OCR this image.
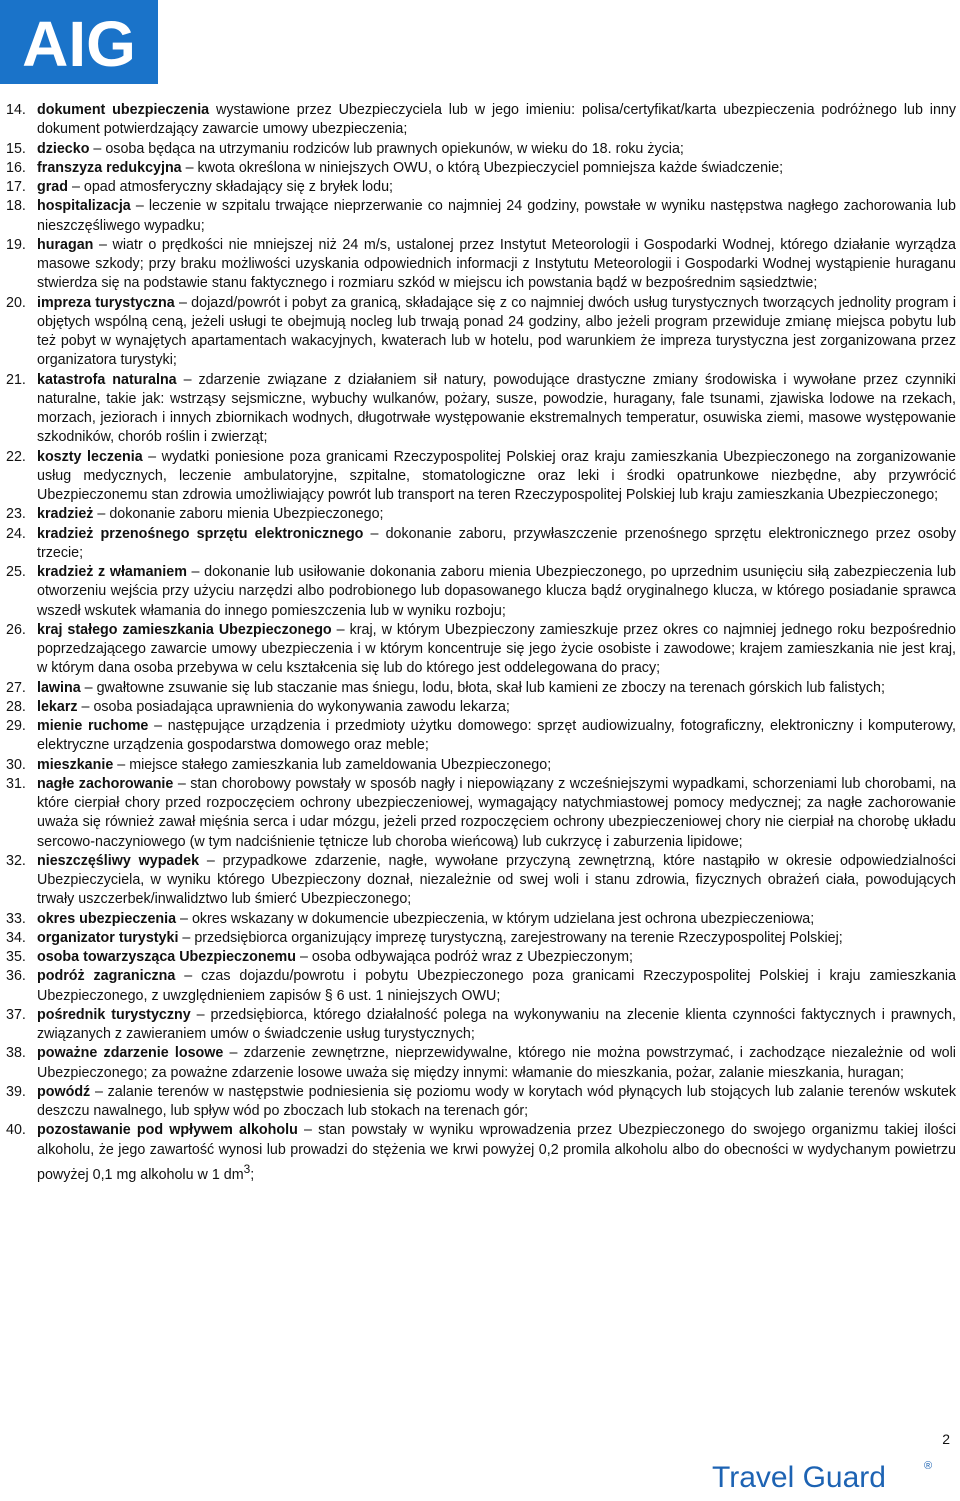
AIG
14. dokument ubezpieczenia wystawione przez Ubezpieczyciela lub w jego imieniu: polisa/certyfikat/karta ubezpieczenia podróżnego lub inny dokument potwierdzający zawarcie umowy ubezpieczenia;
15. dziecko – osoba będąca na utrzymaniu rodziców lub prawnych opiekunów, w wieku do 18. roku życia;
16. franszyza redukcyjna – kwota określona w niniejszych OWU, o którą Ubezpieczyciel pomniejsza każde świadczenie;
17. grad – opad atmosferyczny składający się z bryłek lodu;
18. hospitalizacja – leczenie w szpitalu trwające nieprzerwanie co najmniej 24 godziny, powstałe w wyniku następstwa nagłego zachorowania lub nieszczęśliwego wypadku;
19. huragan – wiatr o prędkości nie mniejszej niż 24 m/s, ustalonej przez Instytut Meteorologii i Gospodarki Wodnej, którego działanie wyrządza masowe szkody; przy braku możliwości uzyskania odpowiednich informacji z Instytutu Meteorologii i Gospodarki Wodnej wystąpienie huraganu stwierdza się na podstawie stanu faktycznego i rozmiaru szkód w miejscu ich powstania bądź w bezpośrednim sąsiedztwie;
20. impreza turystyczna – dojazd/powrót i pobyt za granicą, składające się z co najmniej dwóch usług turystycznych tworzących jednolity program i objętych wspólną ceną, jeżeli usługi te obejmują nocleg lub trwają ponad 24 godziny, albo jeżeli program przewiduje zmianę miejsca pobytu lub też pobyt w wynajętych apartamentach wakacyjnych, kwaterach lub w hotelu, pod warunkiem że impreza turystyczna jest zorganizowana przez organizatora turystyki;
21. katastrofa naturalna – zdarzenie związane z działaniem sił natury, powodujące drastyczne zmiany środowiska i wywołane przez czynniki naturalne, takie jak: wstrząsy sejsmiczne, wybuchy wulkanów, pożary, susze, powodzie, huragany, fale tsunami, zjawiska lodowe na rzekach, morzach, jeziorach i innych zbiornikach wodnych, długotrwałe występowanie ekstremalnych temperatur, osuwiska ziemi, masowe występowanie szkodników, chorób roślin i zwierząt;
22. koszty leczenia – wydatki poniesione poza granicami Rzeczypospolitej Polskiej oraz kraju zamieszkania Ubezpieczonego na zorganizowanie usług medycznych, leczenie ambulatoryjne, szpitalne, stomatologiczne oraz leki i środki opatrunkowe niezbędne, aby przywrócić Ubezpieczonemu stan zdrowia umożliwiający powrót lub transport na teren Rzeczypospolitej Polskiej lub kraju zamieszkania Ubezpieczonego;
23. kradzież – dokonanie zaboru mienia Ubezpieczonego;
24. kradzież przenośnego sprzętu elektronicznego – dokonanie zaboru, przywłaszczenie przenośnego sprzętu elektronicznego przez osoby trzecie;
25. kradzież z włamaniem – dokonanie lub usiłowanie dokonania zaboru mienia Ubezpieczonego, po uprzednim usunięciu siłą zabezpieczenia lub otworzeniu wejścia przy użyciu narzędzi albo podrobionego lub dopasowanego klucza bądź oryginalnego klucza, w którego posiadanie sprawca wszedł wskutek włamania do innego pomieszczenia lub w wyniku rozboju;
26. kraj stałego zamieszkania Ubezpieczonego – kraj, w którym Ubezpieczony zamieszkuje przez okres co najmniej jednego roku bezpośrednio poprzedzającego zawarcie umowy ubezpieczenia i w którym koncentruje się jego życie osobiste i zawodowe; krajem zamieszkania nie jest kraj, w którym dana osoba przebywa w celu kształcenia się lub do którego jest oddelegowana do pracy;
27. lawina – gwałtowne zsuwanie się lub staczanie mas śniegu, lodu, błota, skał lub kamieni ze zboczy na terenach górskich lub falistych;
28. lekarz – osoba posiadająca uprawnienia do wykonywania zawodu lekarza;
29. mienie ruchome – następujące urządzenia i przedmioty użytku domowego: sprzęt audiowizualny, fotograficzny, elektroniczny i komputerowy, elektryczne urządzenia gospodarstwa domowego oraz meble;
30. mieszkanie – miejsce stałego zamieszkania lub zameldowania Ubezpieczonego;
31. nagłe zachorowanie – stan chorobowy powstały w sposób nagły i niepowiązany z wcześniejszymi wypadkami, schorzeniami lub chorobami, na które cierpiał chory przed rozpoczęciem ochrony ubezpieczeniowej, wymagający natychmiastowej pomocy medycznej; za nagłe zachorowanie uważa się również zawał mięśnia serca i udar mózgu, jeżeli przed rozpoczęciem ochrony ubezpieczeniowej chory nie cierpiał na chorobę układu sercowo-naczyniowego (w tym nadciśnienie tętnicze lub choroba wieńcową) lub cukrzycę i zaburzenia lipidowe;
32. nieszczęśliwy wypadek – przypadkowe zdarzenie, nagłe, wywołane przyczyną zewnętrzną, które nastąpiło w okresie odpowiedzialności Ubezpieczyciela, w wyniku którego Ubezpieczony doznał, niezależnie od swej woli i stanu zdrowia, fizycznych obrażeń ciała, powodujących trwały uszczerbek/inwalidztwo lub śmierć Ubezpieczonego;
33. okres ubezpieczenia – okres wskazany w dokumencie ubezpieczenia, w którym udzielana jest ochrona ubezpieczeniowa;
34. organizator turystyki – przedsiębiorca organizujący imprezę turystyczną, zarejestrowany na terenie Rzeczypospolitej Polskiej;
35. osoba towarzysząca Ubezpieczonemu – osoba odbywająca podróż wraz z Ubezpieczonym;
36. podróż zagraniczna – czas dojazdu/powrotu i pobytu Ubezpieczonego poza granicami Rzeczypospolitej Polskiej i kraju zamieszkania Ubezpieczonego, z uwzględnieniem zapisów § 6 ust. 1 niniejszych OWU;
37. pośrednik turystyczny – przedsiębiorca, którego działalność polega na wykonywaniu na zlecenie klienta czynności faktycznych i prawnych, związanych z zawieraniem umów o świadczenie usług turystycznych;
38. poważne zdarzenie losowe – zdarzenie zewnętrzne, nieprzewidywalne, którego nie można powstrzymać, i zachodzące niezależnie od woli Ubezpieczonego; za poważne zdarzenie losowe uważa się między innymi: włamanie do mieszkania, pożar, zalanie mieszkania, huragan;
39. powódź – zalanie terenów w następstwie podniesienia się poziomu wody w korytach wód płynących lub stojących lub zalanie terenów wskutek deszczu nawalnego, lub spływ wód po zboczach lub stokach na terenach gór;
40. pozostawanie pod wpływem alkoholu – stan powstały w wyniku wprowadzenia przez Ubezpieczonego do swojego organizmu takiej ilości alkoholu, że jego zawartość wynosi lub prowadzi do stężenia we krwi powyżej 0,2 promila alkoholu albo do obecności w wydychanym powietrzu powyżej 0,1 mg alkoholu w 1 $dm^3$;
2
Travel Guard	®
